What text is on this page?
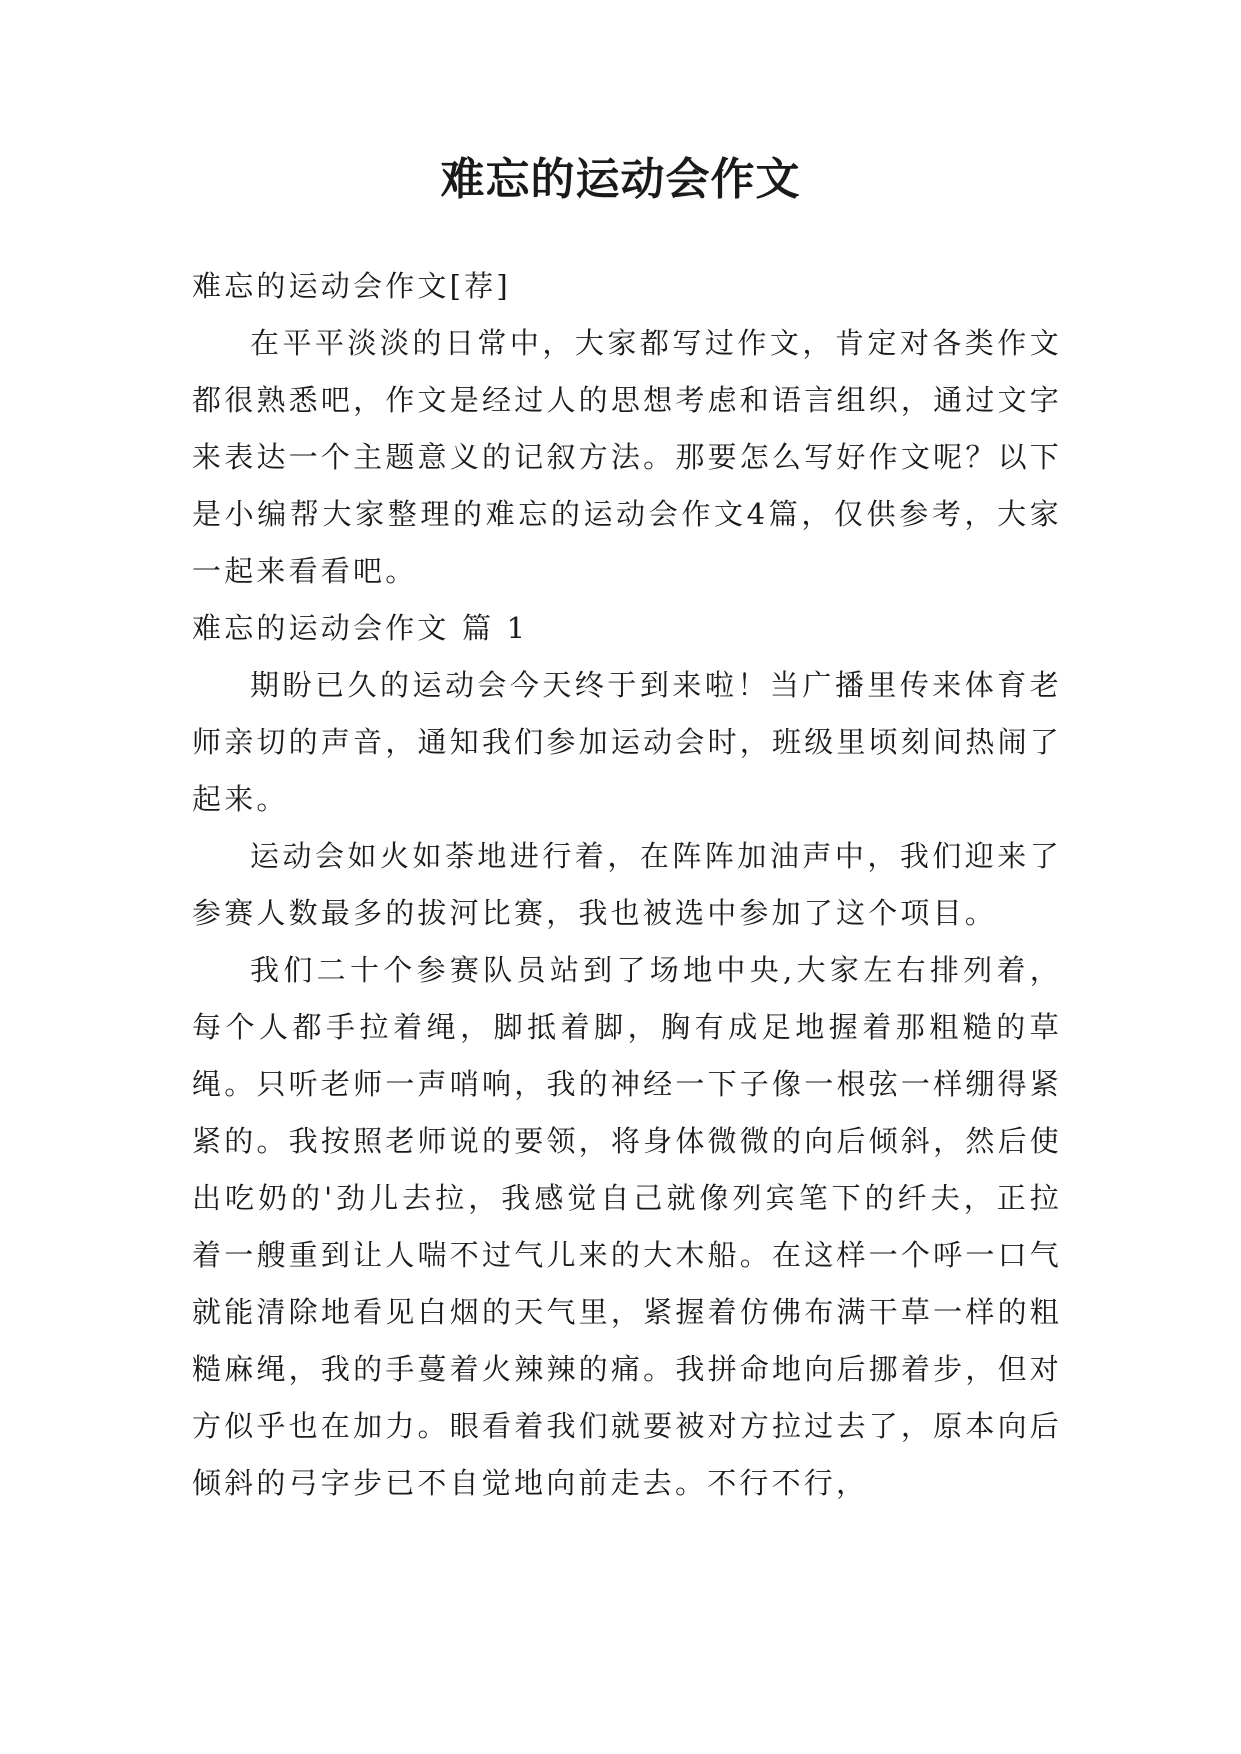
难忘的运动会作文

难忘的运动会作文[荐]

在平平淡淡的日常中，大家都写过作文，肯定对各类作文都很熟悉吧，作文是经过人的思想考虑和语言组织，通过文字来表达一个主题意义的记叙方法。那要怎么写好作文呢？以下是小编帮大家整理的难忘的运动会作文4篇，仅供参考，大家一起来看看吧。

难忘的运动会作文 篇 1

期盼已久的运动会今天终于到来啦！当广播里传来体育老师亲切的声音，通知我们参加运动会时，班级里顷刻间热闹了起来。

运动会如火如荼地进行着，在阵阵加油声中，我们迎来了参赛人数最多的拔河比赛，我也被选中参加了这个项目。

我们二十个参赛队员站到了场地中央,大家左右排列着，每个人都手拉着绳，脚抵着脚，胸有成足地握着那粗糙的草绳。只听老师一声哨响，我的神经一下子像一根弦一样绷得紧紧的。我按照老师说的要领，将身体微微的向后倾斜，然后使出吃奶的'劲儿去拉，我感觉自己就像列宾笔下的纤夫，正拉着一艘重到让人喘不过气儿来的大木船。在这样一个呼一口气就能清除地看见白烟的天气里，紧握着仿佛布满干草一样的粗糙麻绳，我的手蔓着火辣辣的痛。我拼命地向后挪着步，但对方似乎也在加力。眼看着我们就要被对方拉过去了，原本向后倾斜的弓字步已不自觉地向前走去。不行不行，
